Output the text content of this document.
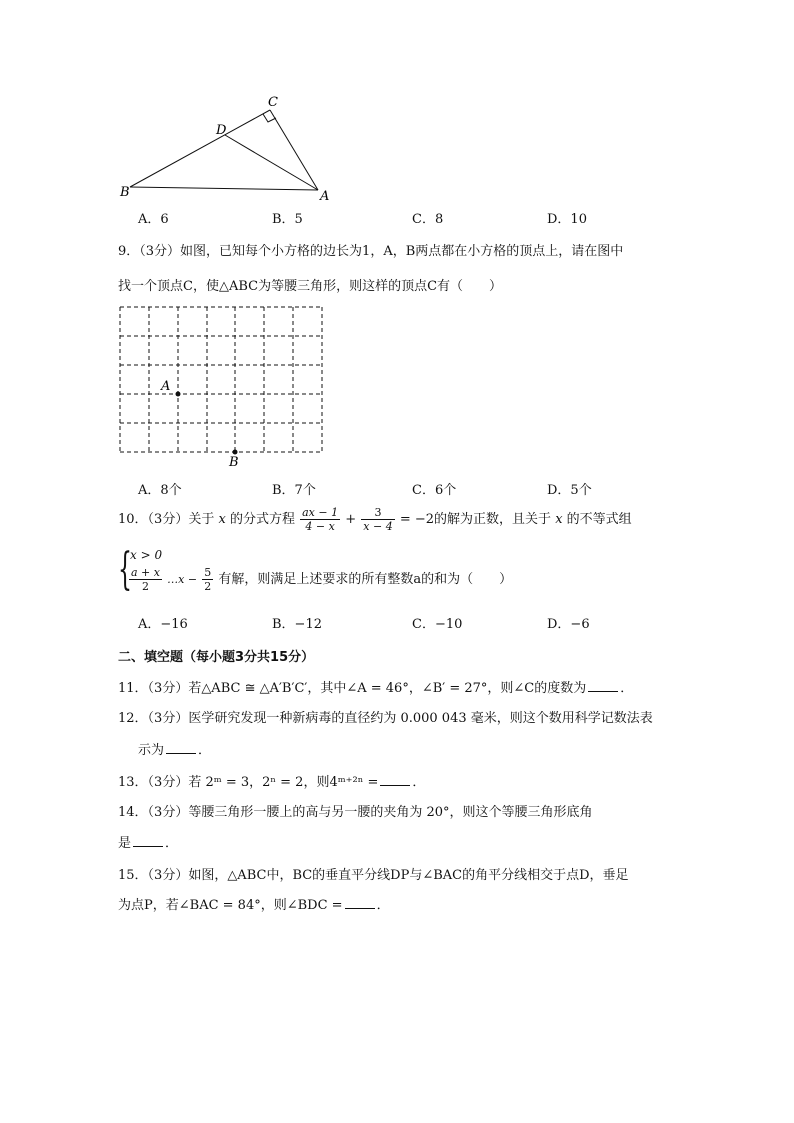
B	A
C
D
A．6	B．5	C．8	D．10
9．（3分）如图，已知每个小方格的边长为1，A，B两点都在小方格的顶点上，请在图中
找一个顶点C，使△ABC为等腰三角形，则这样的顶点C有（　　）
A
B
A．8个	B．7个	C．6个	D．5个
10．（3分）关于 x 的分式方程 $\frac{ax - 1}{4 - x} + \frac{3}{x - 4} = -2$的解为正数，且关于 x 的不等式组
{
x > 0
$\frac{a + x}{2}$ …x − $\frac{5}{2}$ 有解，则满足上述要求的所有整数a的和为（　　）
A．−16	B．−12	C．−10	D．−6
二、填空题（每小题3分共15分）
11．（3分）若△ABC ≅ △A′B′C′，其中∠A = 46°，∠B′ = 27°，则∠C的度数为	．
12．（3分）医学研究发现一种新病毒的直径约为 0.000 043 毫米，则这个数用科学记数法表
示为	．
13．（3分）若 2ᵐ = 3，2ⁿ = 2，则4ᵐ⁺²ⁿ =	．
14．（3分）等腰三角形一腰上的高与另一腰的夹角为 20°，则这个等腰三角形底角
是	．
15．（3分）如图，△ABC中，BC的垂直平分线DP与∠BAC的角平分线相交于点D，垂足
为点P，若∠BAC = 84°，则∠BDC =	．
